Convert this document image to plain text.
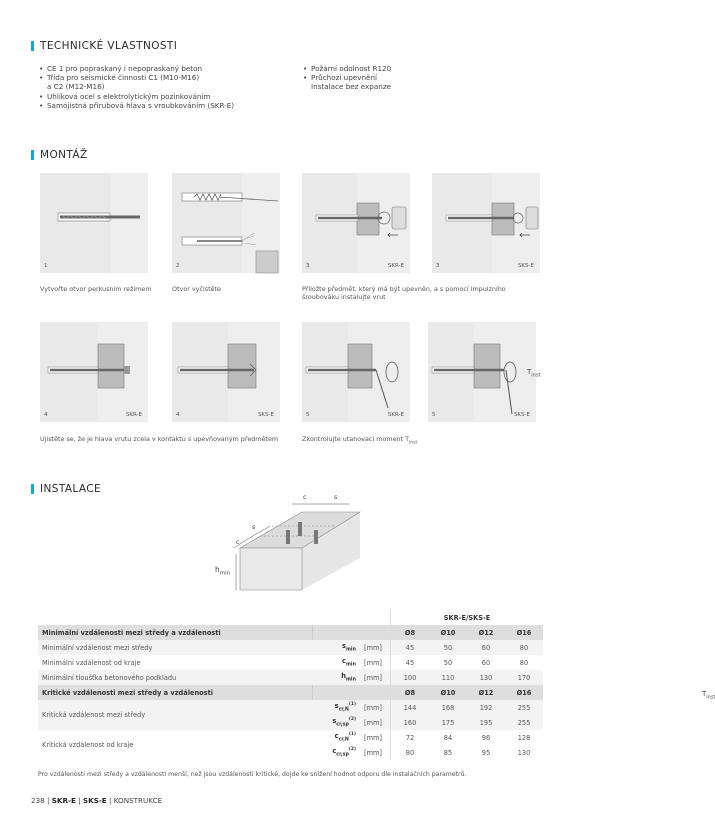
TECHNICKÉ VLASTNOSTI
• CE 1 pro popraskaný i nepopraskaný beton
• Třída pro seismické činnosti C1 (M10-M16)
a C2 (M12-M16)
• Uhlíková ocel s elektrolytickým pozinkováním
• Samojistná přírubová hlava s vroubkováním (SKR-E)
• Požární odolnost R120
• Průchozí upevnění
Instalace bez expanze
MONTÁŽ
1	2	3	SKR-E	3	SKS-E
Vytvořte otvor perkusním režimem	Otvor vyčistěte	Přiložte předmět, který má být upevněn, a s pomocí impulzního šroubováku instalujte vrut
4	SKR-E	4	SKS-E
$T_{inst}$
5	SKR-E	5	SKS-E
$T_{inst}$
Ujistěte se, že je hlava vrutu zcela v kontaktu s upevňovaným předmětem	Zkontrolujte utahovací moment $T_{inst}$
INSTALACE
c	s
s
c
$h_{min}$
			SKR-E/SKS-E			
Minimální vzdálenosti mezi středy a vzdálenosti			Ø8	Ø10	Ø12	Ø16
Minimální vzdálenost mezi středy	$s_{min}$	[mm]	45	50	60	80
Minimální vzdálenost od kraje	$c_{min}$	[mm]	45	50	60	80
Minimální tloušťka betonového podkladu	$h_{min}$	[mm]	100	110	130	170
Kritické vzdálenosti mezi středy a vzdálenosti			Ø8	Ø10	Ø12	Ø16
Kritická vzdálenost mezi středy	$s_{cr,N}^{(1)}$	[mm]	144	168	192	255
	$s_{cr,sp}^{(2)}$	[mm]	160	175	195	255
Kritická vzdálenost od kraje	$c_{cr,N}^{(1)}$	[mm]	72	84	96	128
	$c_{cr,sp}^{(2)}$	[mm]	80	85	95	130
Pro vzdálenosti mezi středy a vzdálenosti menší, než jsou vzdálenosti kritické, dojde ke snížení hodnot odporu dle instalačních parametrů.
238 | SKR-E | SKS-E | KONSTRUKCE
